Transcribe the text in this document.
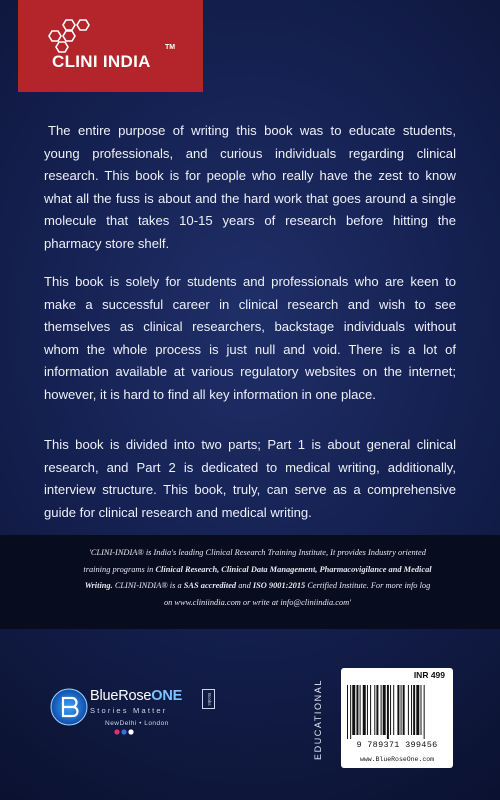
CLINI INDIA
TM

The entire purpose of writing this book was to educate students, young professionals, and curious individuals regarding clinical research. This book is for people who really have the zest to know what all the fuss is about and the hard work that goes around a single molecule that takes 10-15 years of research before hitting the pharmacy store shelf.

This book is solely for students and professionals who are keen to make a successful career in clinical research and wish to see themselves as clinical researchers, backstage individuals without whom the whole process is just null and void. There is a lot of information available at various regulatory websites on the internet; however, it is hard to find all key information in one place.

This book is divided into two parts; Part 1 is about general clinical research, and Part 2 is dedicated to medical writing, additionally, interview structure. This book, truly, can serve as a comprehensive guide for clinical research and medical writing.

'CLINI-INDIA® is India's leading Clinical Research Training Institute, It provides Industry oriented training programs in Clinical Research, Clinical Data Management, Pharmacovigilance and Medical Writing. CLINI-INDIA® is a SAS accredited and ISO 9001:2015 Certified Institute. For more info log on www.cliniindia.com or write at info@cliniindia.com'

BlueRoseONE	Books
Stories Matter
NewDelhi • London	EDUCATIONAL
INR 499
9 789371 399456
www.BlueRoseOne.com
